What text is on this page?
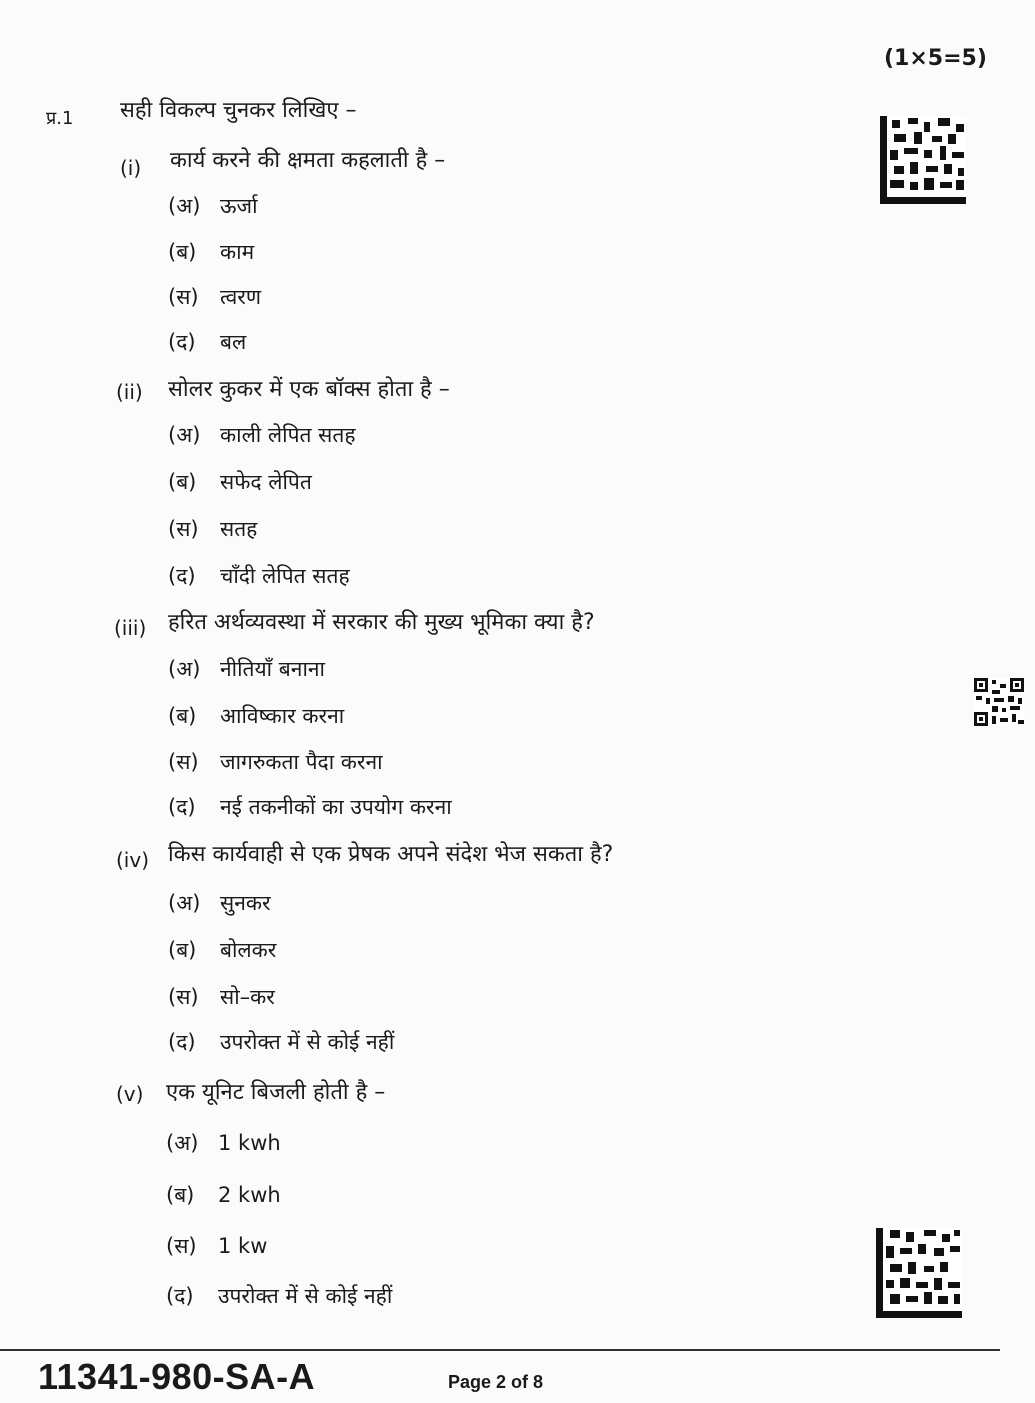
(1×5=5)
प्र.1 सही विकल्प चुनकर लिखिए –
(i) कार्य करने की क्षमता कहलाती है –
(अ) ऊर्जा
(ब)	काम
(स)	त्वरण
(द)	बल
(ii) सोलर कुकर में एक बॉक्स होता है –
(अ) काली लेपित सतह
(ब)	सफेद लेपित
(स)	सतह
(द)	चाँदी लेपित सतह
(iii) हरित अर्थव्यवस्था में सरकार की मुख्य भूमिका क्या है?
(अ) नीतियाँ बनाना
(ब)	आविष्कार करना
(स)	जागरुकता पैदा करना
(द)	नई तकनीकों का उपयोग करना
(iv) किस कार्यवाही से एक प्रेषक अपने संदेश भेज सकता है?
(अ) सुनकर
(ब)	बोलकर
(स)	सो–कर
(द)	उपरोक्त में से कोई नहीं
(v) एक यूनिट बिजली होती है –
(अ) 1 kwh
(ब)	2 kwh
(स)	1 kw
(द)	उपरोक्त में से कोई नहीं
11341-980-SA-A	Page 2 of 8
